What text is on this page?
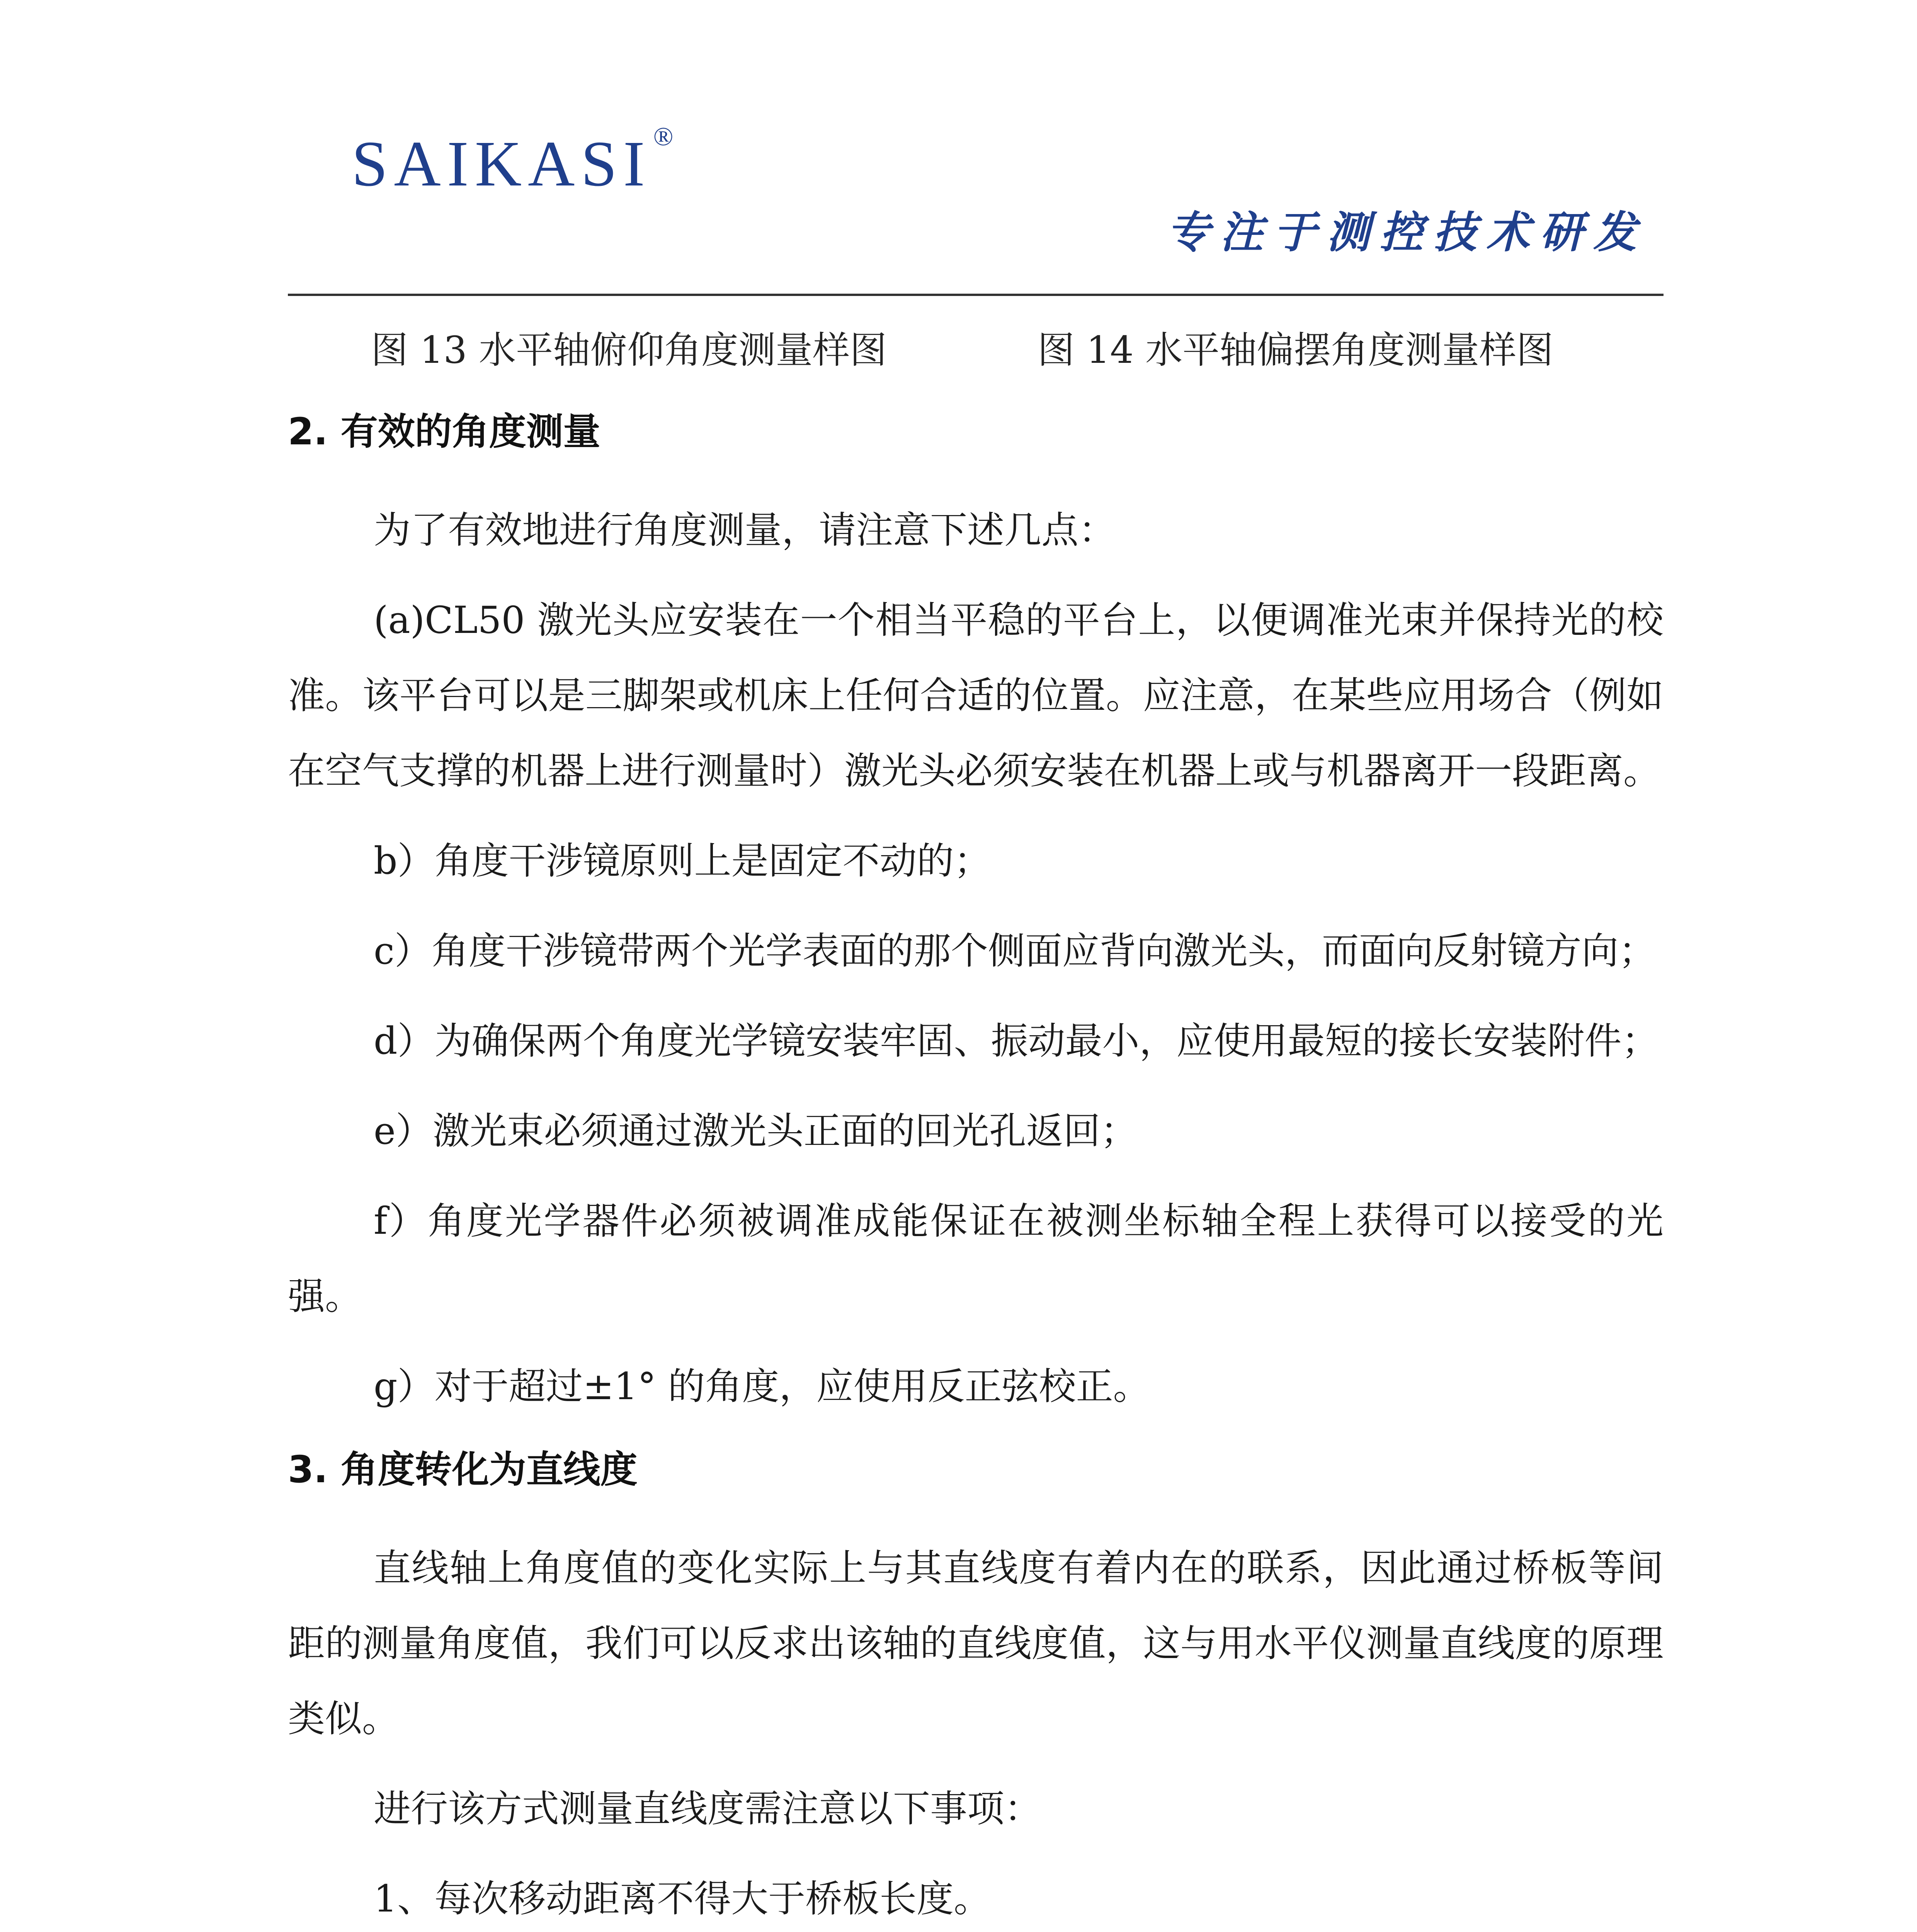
SAIKASI®
专注于测控技术研发
图 13 水平轴俯仰角度测量样图	图 14 水平轴偏摆角度测量样图
2. 有效的角度测量

为了有效地进行角度测量，请注意下述几点：

(a)CL50 激光头应安装在一个相当平稳的平台上，以便调准光束并保持光的校准。该平台可以是三脚架或机床上任何合适的位置。应注意，在某些应用场合（例如在空气支撑的机器上进行测量时）激光头必须安装在机器上或与机器离开一段距离。

b）角度干涉镜原则上是固定不动的；

c）角度干涉镜带两个光学表面的那个侧面应背向激光头，而面向反射镜方向；

d）为确保两个角度光学镜安装牢固、振动最小，应使用最短的接长安装附件；

e）激光束必须通过激光头正面的回光孔返回；

f）角度光学器件必须被调准成能保证在被测坐标轴全程上获得可以接受的光强。

g）对于超过±1° 的角度，应使用反正弦校正。

3. 角度转化为直线度

直线轴上角度值的变化实际上与其直线度有着内在的联系，因此通过桥板等间距的测量角度值，我们可以反求出该轴的直线度值，这与用水平仪测量直线度的原理类似。

进行该方式测量直线度需注意以下事项：

1、每次移动距离不得大于桥板长度。
